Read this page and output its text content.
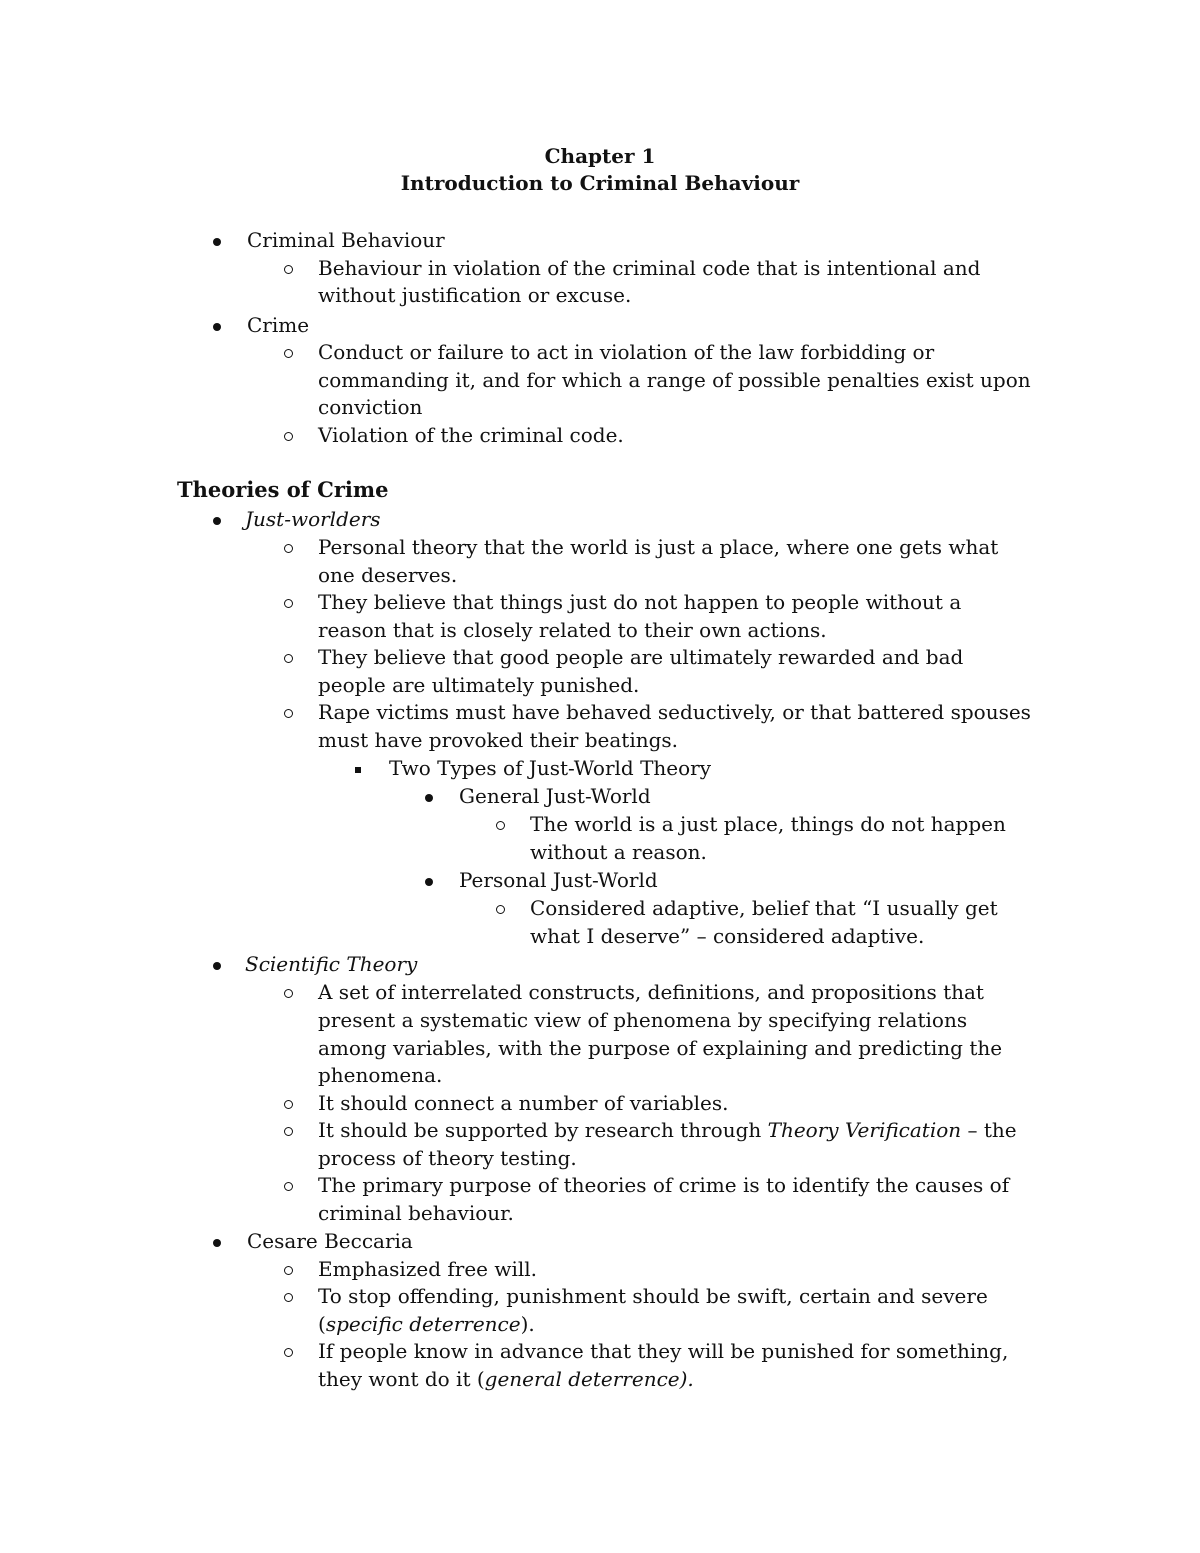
Chapter 1
Introduction to Criminal Behaviour
Criminal Behaviour
Behaviour in violation of the criminal code that is intentional and
without justification or excuse.
Crime
Conduct or failure to act in violation of the law forbidding or
commanding it, and for which a range of possible penalties exist upon
conviction
Violation of the criminal code.
Theories of Crime
Just-worlders
Personal theory that the world is just a place, where one gets what
one deserves.
They believe that things just do not happen to people without a
reason that is closely related to their own actions.
They believe that good people are ultimately rewarded and bad
people are ultimately punished.
Rape victims must have behaved seductively, or that battered spouses
must have provoked their beatings.
Two Types of Just-World Theory
General Just-World
The world is a just place, things do not happen
without a reason.
Personal Just-World
Considered adaptive, belief that “I usually get
what I deserve” – considered adaptive.
Scientific Theory
A set of interrelated constructs, definitions, and propositions that
present a systematic view of phenomena by specifying relations
among variables, with the purpose of explaining and predicting the
phenomena.
It should connect a number of variables.
It should be supported by research through Theory Verification – the
process of theory testing.
The primary purpose of theories of crime is to identify the causes of
criminal behaviour.
Cesare Beccaria
Emphasized free will.
To stop offending, punishment should be swift, certain and severe
(specific deterrence).
If people know in advance that they will be punished for something,
they wont do it (general deterrence).
